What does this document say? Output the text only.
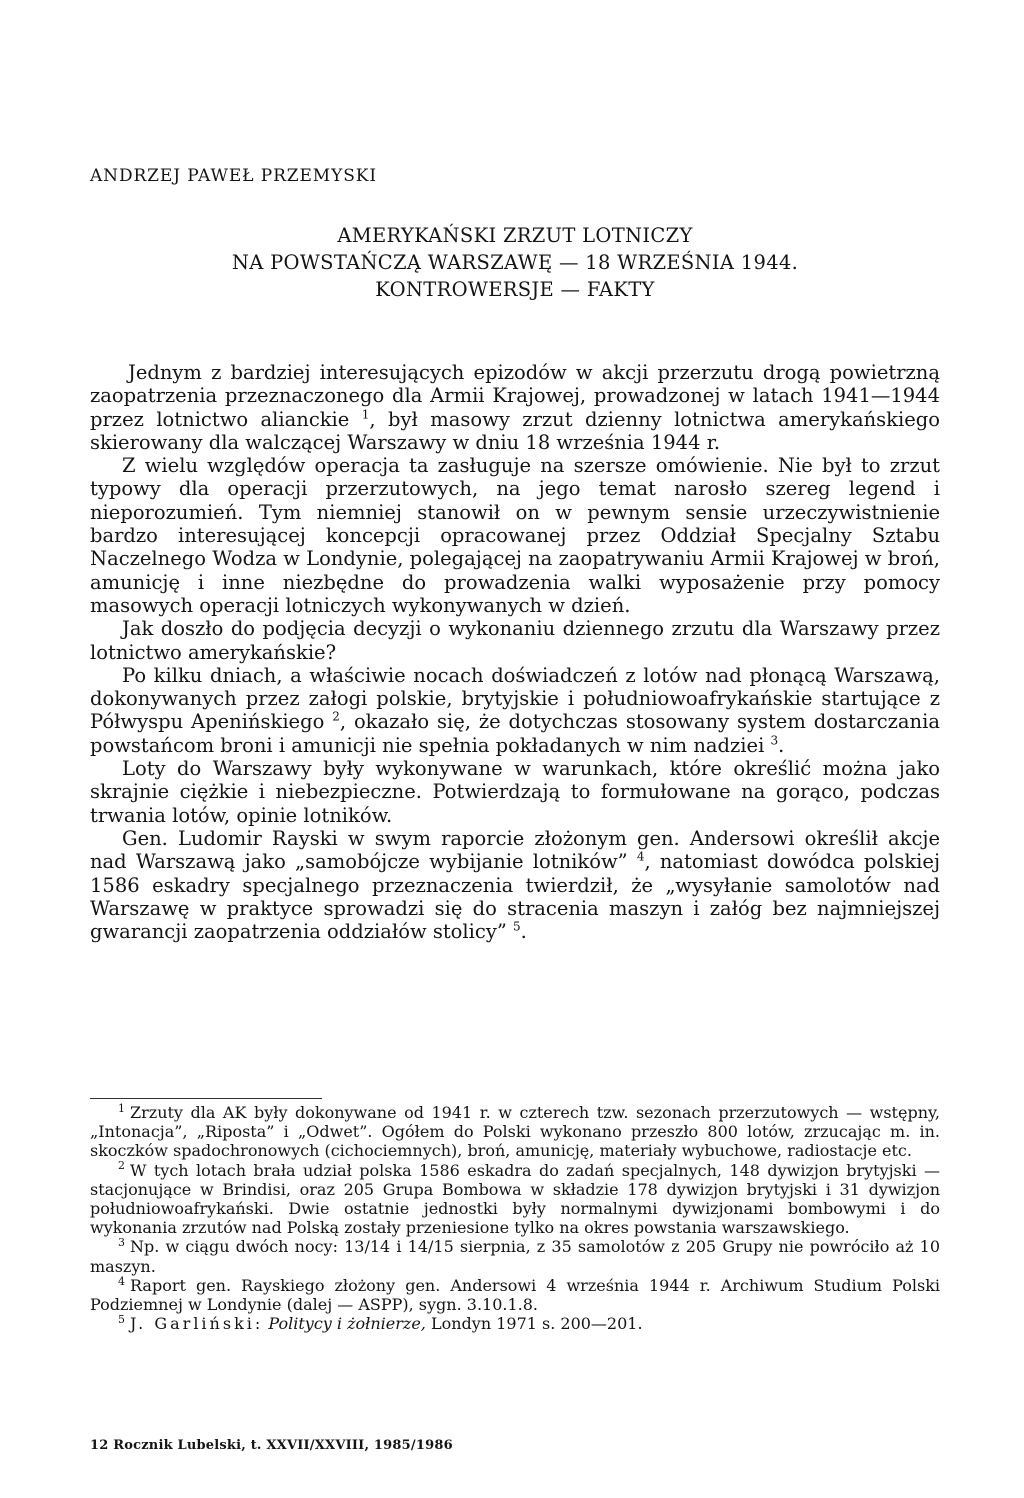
ANDRZEJ PAWEŁ PRZEMYSKI
AMERYKAŃSKI ZRZUT LOTNICZY
NA POWSTAŃCZĄ WARSZAWĘ — 18 WRZEŚNIA 1944.
KONTROWERSJE — FAKTY

Jednym z bardziej interesujących epizodów w akcji przerzutu drogą powietrzną zaopatrzenia przeznaczonego dla Armii Krajowej, prowadzonej w latach 1941—1944 przez lotnictwo alianckie $^1$, był masowy zrzut dzienny lotnictwa amerykańskiego skierowany dla walczącej Warszawy w dniu 18 września 1944 r.

Z wielu względów operacja ta zasługuje na szersze omówienie. Nie był to zrzut typowy dla operacji przerzutowych, na jego temat narosło szereg legend i nieporozumień. Tym niemniej stanowił on w pewnym sensie urzeczywistnienie bardzo interesującej koncepcji opracowanej przez Oddział Specjalny Sztabu Naczelnego Wodza w Londynie, polegającej na zaopatrywaniu Armii Krajowej w broń, amunicję i inne niezbędne do prowadzenia walki wyposażenie przy pomocy masowych operacji lotniczych wykonywanych w dzień.

Jak doszło do podjęcia decyzji o wykonaniu dziennego zrzutu dla Warszawy przez lotnictwo amerykańskie?

Po kilku dniach, a właściwie nocach doświadczeń z lotów nad płonącą Warszawą, dokonywanych przez załogi polskie, brytyjskie i południowoafrykańskie startujące z Półwyspu Apenińskiego $^2$, okazało się, że dotychczas stosowany system dostarczania powstańcom broni i amunicji nie spełnia pokładanych w nim nadziei $^3$.

Loty do Warszawy były wykonywane w warunkach, które określić można jako skrajnie ciężkie i niebezpieczne. Potwierdzają to formułowane na gorąco, podczas trwania lotów, opinie lotników.

Gen. Ludomir Rayski w swym raporcie złożonym gen. Andersowi określił akcje nad Warszawą jako „samobójcze wybijanie lotników” $^4$, natomiast dowódca polskiej 1586 eskadry specjalnego przeznaczenia twierdził, że „wysyłanie samolotów nad Warszawę w praktyce sprowadzi się do stracenia maszyn i załóg bez najmniejszej gwarancji zaopatrzenia oddziałów stolicy” $^5$.

$^1$ Zrzuty dla AK były dokonywane od 1941 r. w czterech tzw. sezonach przerzutowych — wstępny, „Intonacja”, „Riposta” i „Odwet”. Ogółem do Polski wykonano przeszło 800 lotów, zrzucając m. in. skoczków spadochronowych (cichociemnych), broń, amunicję, materiały wybuchowe, radiostacje etc.

$^2$ W tych lotach brała udział polska 1586 eskadra do zadań specjalnych, 148 dywizjon brytyjski — stacjonujące w Brindisi, oraz 205 Grupa Bombowa w składzie 178 dywizjon brytyjski i 31 dywizjon południowoafrykański. Dwie ostatnie jednostki były normalnymi dywizjonami bombowymi i do wykonania zrzutów nad Polską zostały przeniesione tylko na okres powstania warszawskiego.

$^3$ Np. w ciągu dwóch nocy: 13/14 i 14/15 sierpnia, z 35 samolotów z 205 Grupy nie powróciło aż 10 maszyn.

$^4$ Raport gen. Rayskiego złożony gen. Andersowi 4 września 1944 r. Archiwum Studium Polski Podziemnej w Londynie (dalej — ASPP), sygn. 3.10.1.8.

$^5$ J. Garliński: Politycy i żołnierze, Londyn 1971 s. 200—201.

12 Rocznik Lubelski, t. XXVII/XXVIII, 1985/1986
